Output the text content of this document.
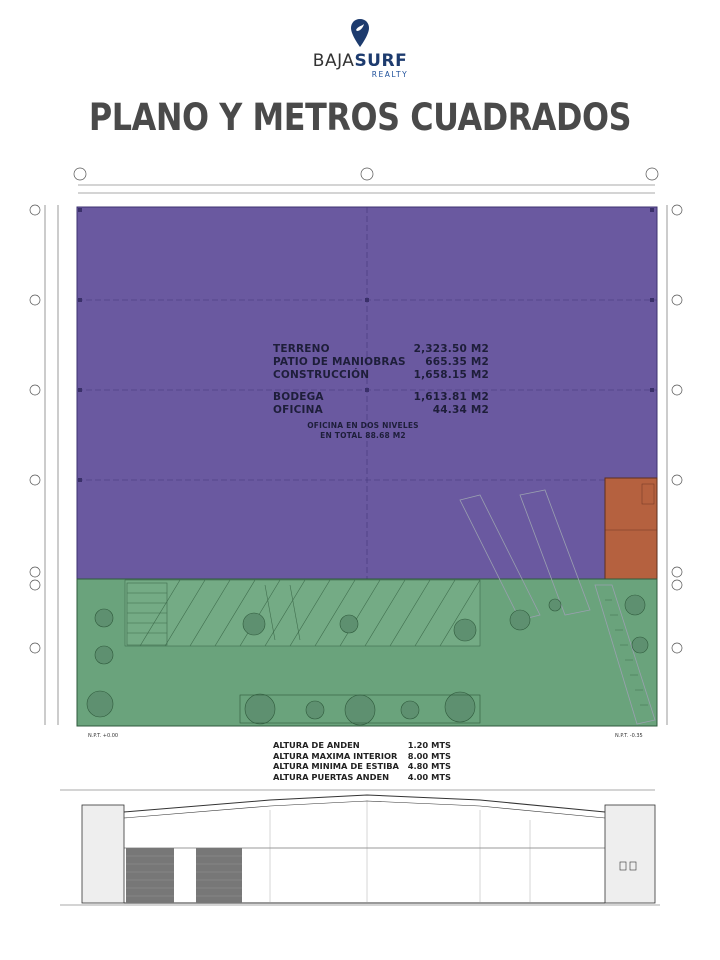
BAJASURF
REALTY
PLANO Y METROS CUADRADOS
N.P.T. +0.00	N.P.T. -0.35
TERRENO	2,323.50 M2
PATIO DE MANIOBRAS 665.35 M2
CONSTRUCCIÓN	1,658.15 M2
BODEGA	1,613.81 M2
OFICINA	44.34 M2
OFICINA EN DOS NIVELES
EN TOTAL 88.68 M2
ALTURA DE ANDEN	1.20 MTS
ALTURA MAXIMA INTERIOR 8.00 MTS
ALTURA MINIMA DE ESTIBA 4.80 MTS
ALTURA PUERTAS ANDEN 4.00 MTS
